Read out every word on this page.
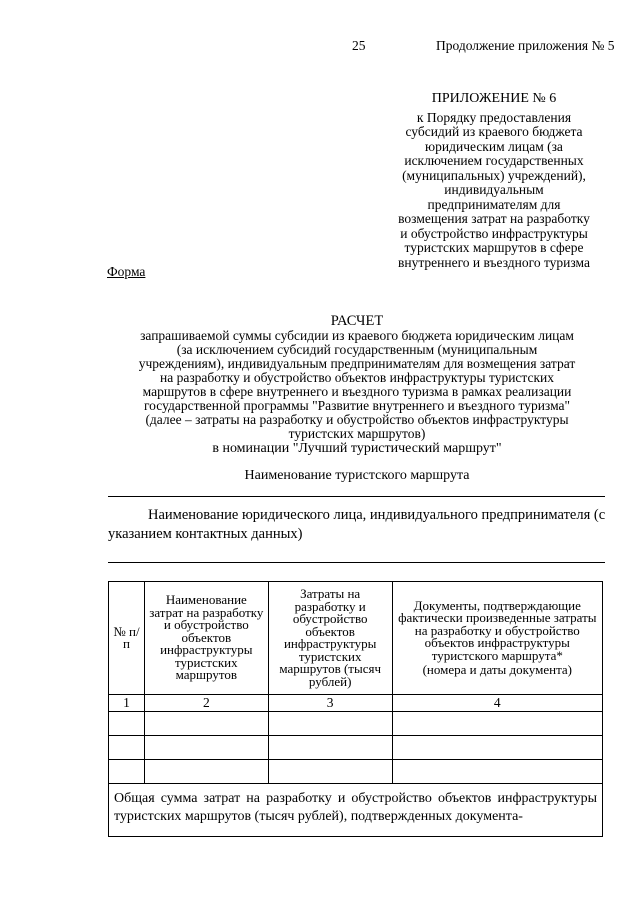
25	Продолжение приложения № 5
ПРИЛОЖЕНИЕ № 6
к Порядку предоставления
субсидий из краевого бюджета
юридическим лицам (за
исключением государственных
(муниципальных) учреждений),
индивидуальным
предпринимателям для
возмещения затрат на разработку
и обустройство инфраструктуры
туристских маршрутов в сфере
внутреннего и въездного туризма
Форма
РАСЧЕТ
запрашиваемой суммы субсидии из краевого бюджета юридическим лицам
(за исключением субсидий государственным (муниципальным
учреждениям), индивидуальным предпринимателям для возмещения затрат
на разработку и обустройство объектов инфраструктуры туристских
маршрутов в сфере внутреннего и въездного туризма в рамках реализации
государственной программы "Развитие внутреннего и въездного туризма"
(далее – затраты на разработку и обустройство объектов инфраструктуры
туристских маршрутов)
в номинации "Лучший туристический маршрут"
Наименование туристского маршрута
Наименование юридического лица, индивидуального предпринимателя (с указанием контактных данных)
№ п/п	Наименование затрат на разработку и обустройство объектов инфраструктуры туристских маршрутов	Затраты на разработку и обустройство объектов инфраструктуры туристских маршрутов (тысяч рублей)	Документы, подтверждающие фактически произведенные затраты на разработку и обустройство объектов инфраструктуры туристского маршрута*
(номера и даты документа)

1	2	3	4

Общая сумма затрат на разработку и обустройство объектов инфраструктуры туристских маршрутов (тысяч рублей), подтвержденных документа-			
